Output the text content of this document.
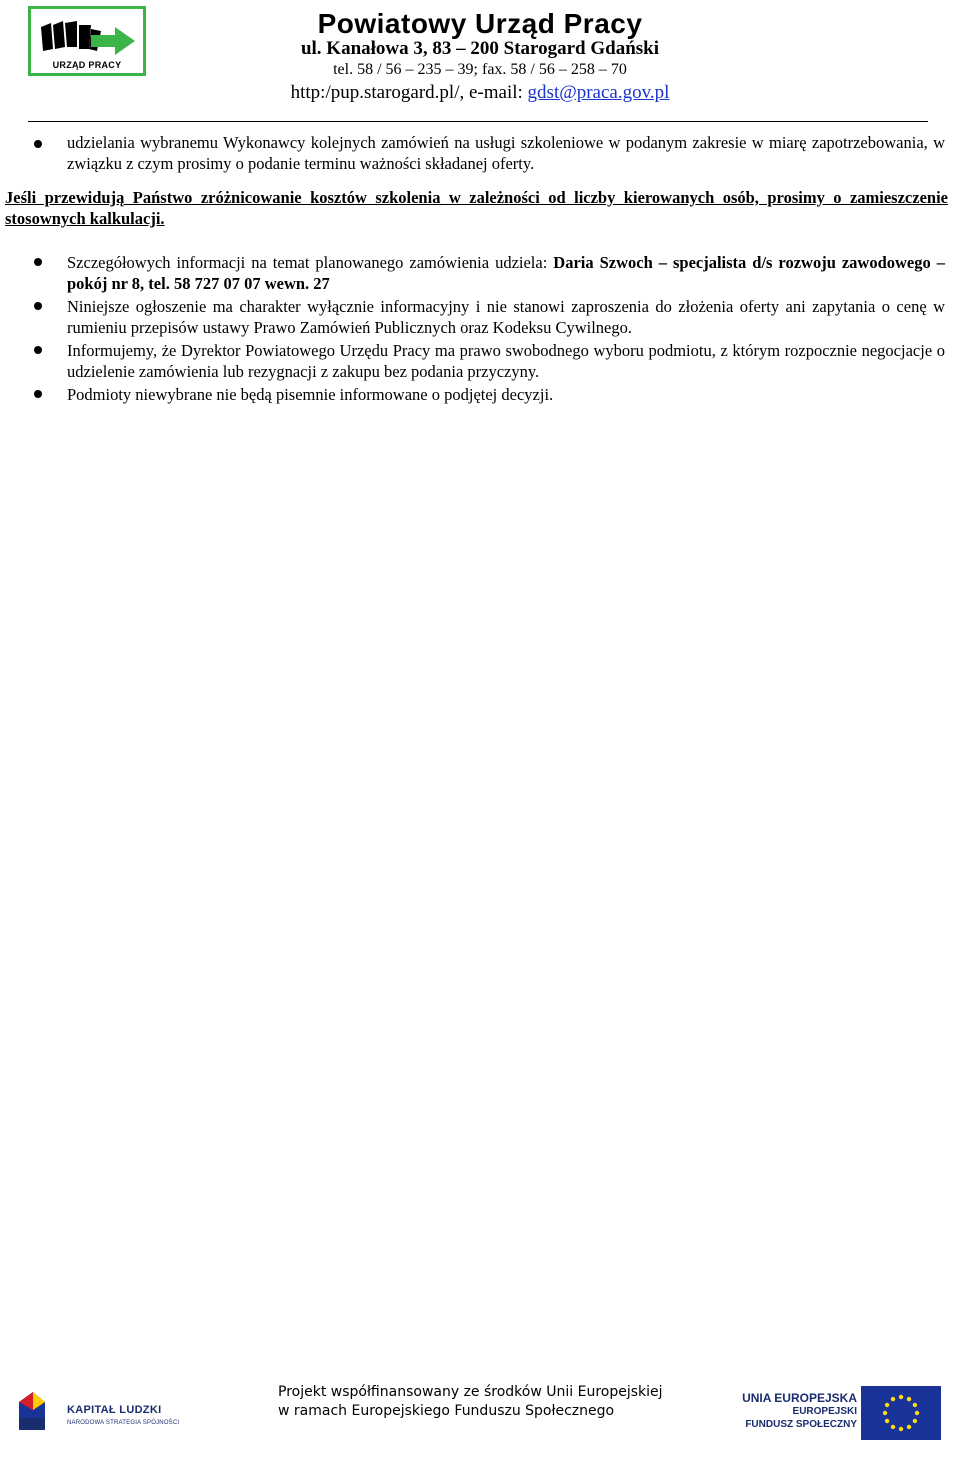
URZĄD PRACY
Powiatowy Urząd Pracy
ul. Kanałowa 3, 83 – 200 Starogard Gdański
tel. 58 / 56 – 235 – 39; fax. 58 / 56 – 258 – 70
http:/pup.starogard.pl/, e-mail: gdst@praca.gov.pl
udzielania wybranemu Wykonawcy kolejnych zamówień na usługi szkoleniowe w podanym zakresie w miarę zapotrzebowania, w związku z czym prosimy o podanie terminu ważności składanej oferty.
Jeśli przewidują Państwo zróżnicowanie kosztów szkolenia w zależności od liczby kierowanych osób, prosimy o zamieszczenie stosownych kalkulacji.
Szczegółowych informacji na temat planowanego zamówienia udziela: Daria Szwoch – specjalista d/s rozwoju zawodowego – pokój nr 8, tel. 58 727 07 07 wewn. 27
Niniejsze ogłoszenie ma charakter wyłącznie informacyjny i nie stanowi zaproszenia do złożenia oferty ani zapytania o cenę w rumieniu przepisów ustawy Prawo Zamówień Publicznych oraz Kodeksu Cywilnego.
Informujemy, że Dyrektor Powiatowego Urzędu Pracy ma prawo swobodnego wyboru podmiotu, z którym rozpocznie negocjacje o udzielenie zamówienia lub rezygnacji z zakupu bez podania przyczyny.
Podmioty niewybrane nie będą pisemnie informowane o podjętej decyzji.
KAPITAŁ LUDZKI
NARODOWA STRATEGIA SPÓJNOŚCI
Projekt współfinansowany ze środków Unii Europejskiej
w ramach Europejskiego Funduszu Społecznego
UNIA EUROPEJSKA
EUROPEJSKI
FUNDUSZ SPOŁECZNY
